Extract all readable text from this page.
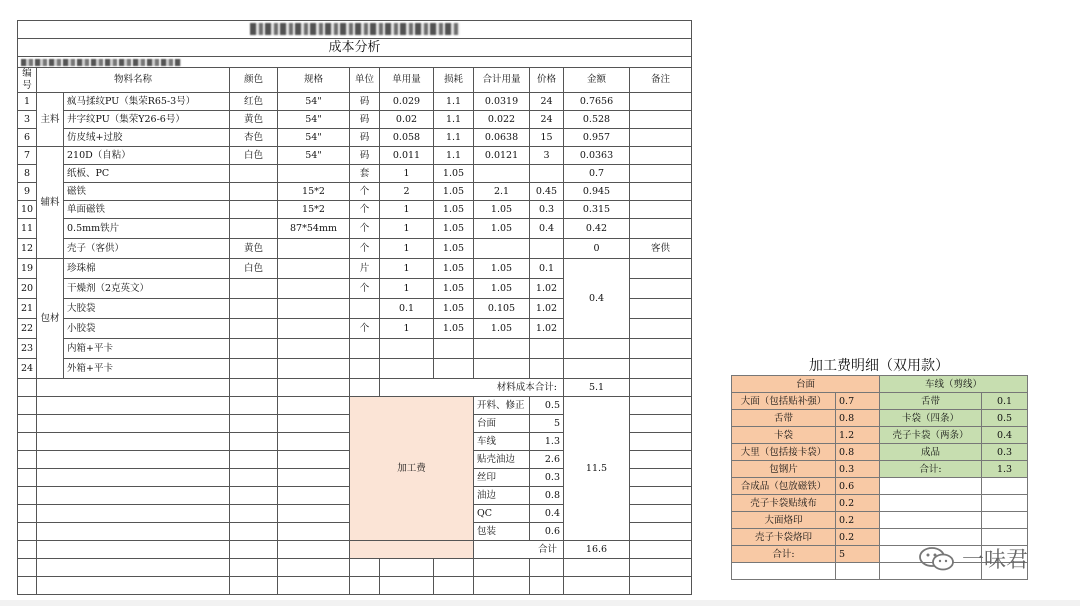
成本分析											

编号	物料名称		颜色	规格	单位	单用量	损耗	合计用量	价格	金额	备注
1	主料	疯马揉纹PU（集荣R65-3号）	红色	54"	码	0.029	1.1	0.0319	24	0.7656	
3		井字纹PU（集荣Y26-6号）	黄色	54"	码	0.02	1.1	0.022	24	0.528	
6		仿皮绒+过胶	杏色	54"	码	0.058	1.1	0.0638	15	0.957	
7	辅料	210D（自粘）	白色	54"	码	0.011	1.1	0.0121	3	0.0363	
8		纸板、PC			套	1	1.05			0.7	
9		磁铁		15*2	个	2	1.05	2.1	0.45	0.945	
10		单面磁铁		15*2	个	1	1.05	1.05	0.3	0.315	
11		0.5mm铁片		87*54mm	个	1	1.05	1.05	0.4	0.42	
12		壳子（客供）	黄色		个	1	1.05			0	客供
19	包材	珍珠棉	白色		片	1	1.05	1.05	0.1	0.4	
20		干燥剂（2克英文）			个	1	1.05	1.05	1.02		
21		大胶袋				0.1	1.05	0.105	1.02		
22		小胶袋			个	1	1.05	1.05	1.02		
23		内箱+平卡									
24		外箱+平卡									
						材料成本合计:				5.1	
					加工费			开料、修正	0.5	11.5	
								台面	5		
								车线	1.3		
								贴壳油边	2.6		
								丝印	0.3		
								油边	0.8		
								QC	0.4		
								包装	0.6		
								合计		16.6	

加工费明细（双用款）
台面		车线（剪线）	
大面（包括贴补强）	0.7	舌带	0.1
舌带	0.8	卡袋（四条）	0.5
卡袋	1.2	壳子卡袋（两条）	0.4
大里（包括接卡袋）	0.8	成品	0.3
包钢片	0.3	合计:	1.3
合成品（包放磁铁）	0.6		
壳子卡袋贴绒布	0.2		
大面烙印	0.2		
壳子卡袋烙印	0.2		
合计:	5		
				一味君
